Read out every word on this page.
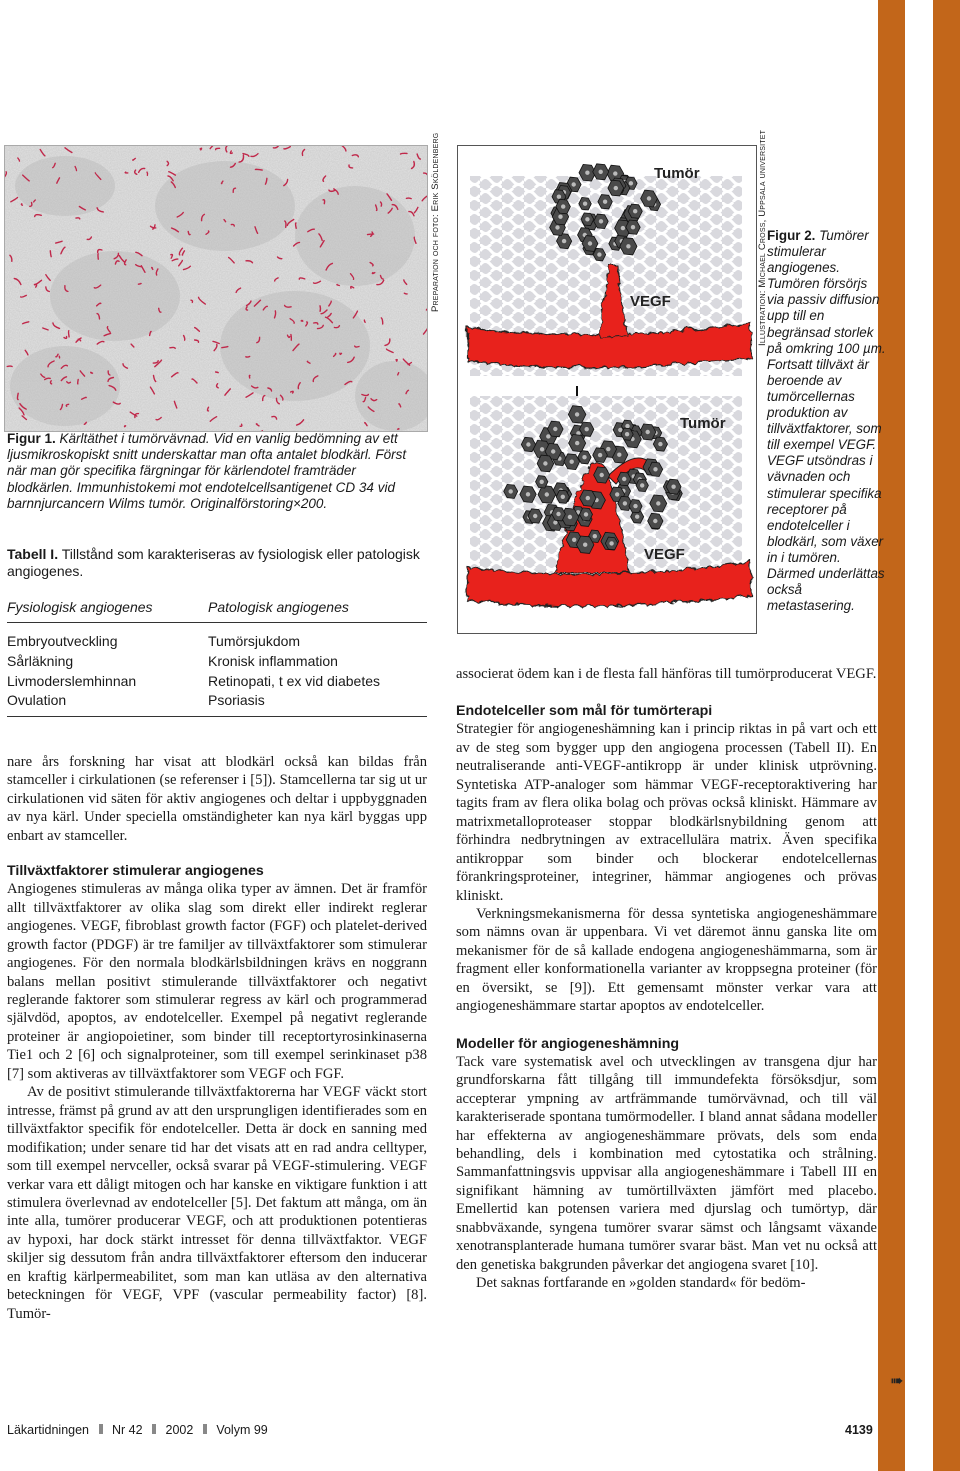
Preparation och foto: Erik Sköldenberg
Figur 1. Kärltäthet i tumörvävnad. Vid en vanlig bedömning av ett ljusmikroskopiskt snitt underskattar man ofta antalet blodkärl. Först när man gör specifika färgningar för kärlendotel framträder blodkärlen. Immunhistokemi mot endotelcellsantigenet CD 34 vid barnnjurcancern Wilms tumör. Originalförstoring×200.
Tabell I. Tillstånd som karakteriseras av fysiologisk eller patologisk angiogenes.
Fysiologisk angiogenes	Patologisk angiogenes
Embryoutveckling	Tumörsjukdom
Sårläkning	Kronisk inflammation
Livmoderslemhinnan	Retinopati, t ex vid diabetes
Ovulation	Psoriasis

nare års forskning har visat att blodkärl också kan bildas från stamceller i cirkulationen (se referenser i [5]). Stamcellerna tar sig ut ur cirkulationen vid säten för aktiv angiogenes och deltar i uppbyggnaden av nya kärl. Under speciella omständigheter kan nya kärl byggas upp enbart av stamceller.

Tillväxtfaktorer stimulerar angiogenes

Angiogenes stimuleras av många olika typer av ämnen. Det är framför allt tillväxtfaktorer av olika slag som direkt eller indirekt reglerar angiogenes. VEGF, fibroblast growth factor (FGF) och platelet-derived growth factor (PDGF) är tre familjer av tillväxtfaktorer som stimulerar angiogenes. För den normala blodkärlsbildningen krävs en noggrann balans mellan positivt stimulerande tillväxtfaktorer och negativt reglerande faktorer som stimulerar regress av kärl och programmerad självdöd, apoptos, av endotelceller. Exempel på negativt reglerande proteiner är angiopoietiner, som binder till receptortyrosinkinaserna Tie1 och 2 [6] och signalproteiner, som till exempel serinkinaset p38 [7] som aktiveras av tillväxtfaktorer som VEGF och FGF.

Av de positivt stimulerande tillväxtfaktorerna har VEGF väckt stort intresse, främst på grund av att den ursprungligen identifierades som en tillväxtfaktor specifik för endotelceller. Detta är dock en sanning med modifikation; under senare tid har det visats att en rad andra celltyper, som till exempel nervceller, också svarar på VEGF-stimulering. VEGF verkar vara ett dåligt mitogen och har kanske en viktigare funktion i att stimulera överlevnad av endotelceller [5]. Det faktum att många, om än inte alla, tumörer producerar VEGF, och att produktionen potentieras av hypoxi, har dock stärkt intresset för denna tillväxtfaktor. VEGF skiljer sig dessutom från andra tillväxtfaktorer eftersom den inducerar en kraftig kärlpermeabilitet, som man kan utläsa av den alternativa beteckningen för VEGF, VPF (vascular permeability factor) [8]. Tumör-

Tumör
VEGF
Tumör
VEGF
Illustration: Michael Cross, Uppsala universitet Figur 2. Tumörer stimulerar angiogenes. Tumören försörjs via passiv diffusion upp till en begränsad storlek på omkring 100 µm. Fortsatt tillväxt är beroende av tumörcellernas produktion av tillväxtfaktorer, som till exempel VEGF. VEGF utsöndras i vävnaden och stimulerar specifika receptorer på endotelceller i blodkärl, som växer in i tumören. Därmed underlättas också metastasering.

associerat ödem kan i de flesta fall hänföras till tumörproducerat VEGF.

Endotelceller som mål för tumörterapi

Strategier för angiogeneshämning kan i princip riktas in på vart och ett av de steg som bygger upp den angiogena processen (Tabell II). En neutraliserande anti-VEGF-antikropp är under klinisk utprövning. Syntetiska ATP-analoger som hämmar VEGF-receptoraktivering har tagits fram av flera olika bolag och prövas också kliniskt. Hämmare av matrixmetalloproteaser stoppar blodkärlsnybildning genom att förhindra nedbrytningen av extracellulära matrix. Även specifika antikroppar som binder och blockerar endotelcellernas förankringsproteiner, integriner, hämmar angiogenes och prövas kliniskt.

Verkningsmekanismerna för dessa syntetiska angiogeneshämmare som nämns ovan är uppenbara. Vi vet däremot ännu ganska lite om mekanismer för de så kallade endogena angiogeneshämmarna, som är fragment eller konformationella varianter av kroppsegna proteiner (för en översikt, se [9]). Ett gemensamt mönster verkar vara att angiogeneshämmare startar apoptos av endotelceller.

Modeller för angiogeneshämning

Tack vare systematisk avel och utvecklingen av transgena djur har grundforskarna fått tillgång till immundefekta försöksdjur, som accepterar ympning av artfrämmande tumörvävnad, och till väl karakteriserade spontana tumörmodeller. I bland annat sådana modeller har effekterna av angiogeneshämmare prövats, dels som enda behandling, dels i kombination med cytostatika och strålning. Sammanfattningsvis uppvisar alla angiogeneshämmare i Tabell III en signifikant hämning av tumörtillväxten jämfört med placebo. Emellertid kan potensen variera med djurslag och tumörtyp, där snabbväxande, syngena tumörer svarar sämst och långsamt växande xenotransplanterade humana tumörer svarar bäst. Man vet nu också att den genetiska bakgrunden påverkar det angiogena svaret [10].

Det saknas fortfarande en »golden standard« för bedöm-

➠
Läkartidningen Nr 42 2002 Volym 99	4139
